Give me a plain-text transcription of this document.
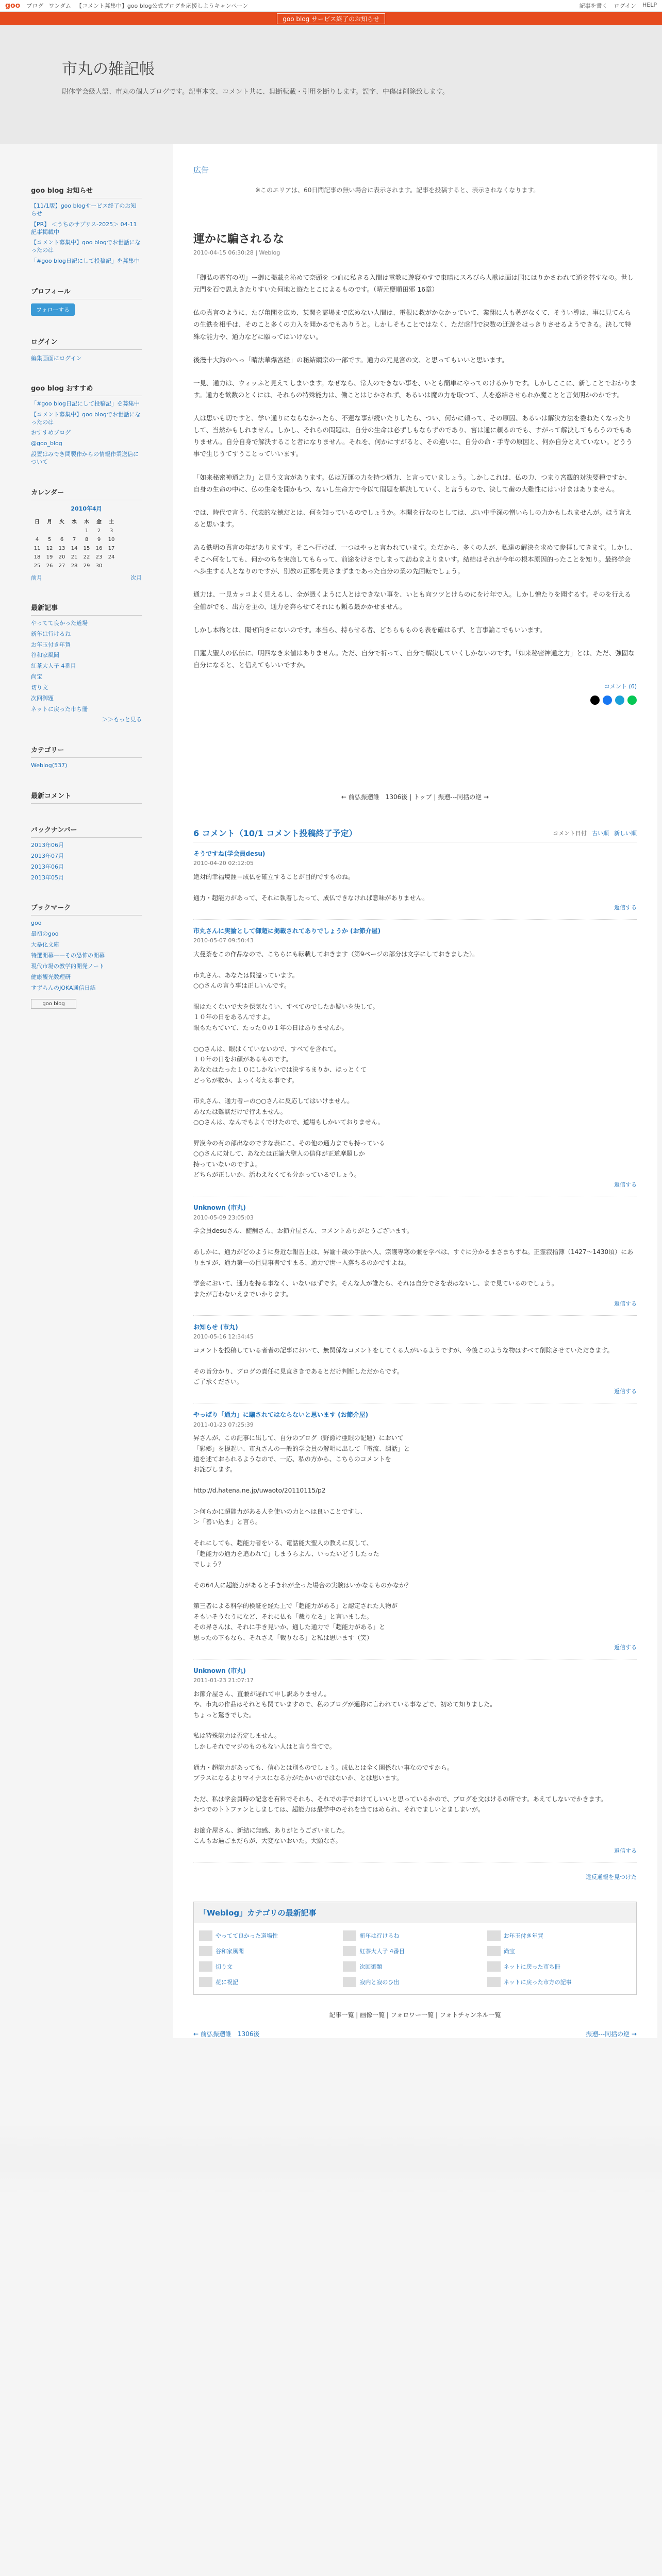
goo ブログ ワンダム 【コメント募集中】goo blog公式ブログを応援しようキャンペーン	記事を書く ログイン HELP
goo blog サービス終了のお知らせ
市丸の雑記帳

尉体学会級人語、市丸の個人ブログです。記事本文、コメント共に、無断転載・引用を断りします。誤字、中傷は削除致します。

goo blog お知らせ
【11/1版】goo blogサービス終了のお知らせ
【PR】 ＜うちのサプリス-2025＞ 04-11 記事掲載中
【コメント募集中】goo blogでお世話になったのは
「#goo blog日記にして投稿記」を募集中
プロフィール
フォローする
ログイン
編集画面にログイン
goo blog おすすめ
「#goo blog日記にして投稿記」を募集中
【コメント募集中】goo blogでお世話になったのは
おすすめブログ
@goo_blog
設置はみでき間製作からの情報作業送信について
カレンダー
2010年4月
日	月	火	水	木	金	土
				1	2	3
4	5	6	7	8	9	10
11	12	13	14	15	16	17
18	19	20	21	22	23	24
25	26	27	28	29	30	
前月	次月
最新記事
やってて良かった道場
新年は行けるね
お年玉付き年賀
谷和家風聞
紅茶大人子 4番目
尚宝
切り文
次回御題
ネットに戻った市ち冊
＞＞もっと見る
カテゴリー
Weblog(537)
最新コメント
バックナンバー
2013年06月
2013年07月
2013年06月
2013年05月
ブックマーク
goo
最初のgoo
大暴化文庫
特選開幕——その恐怖の開幕
現代市場の教学的開発ノート
健康観光数理研
すずらんのJOKA通信日誌
goo blog
広告
※このエリアは、60日間記事の無い場合に表示されます。記事を投稿すると、表示されなくなります。
運かに騙されるな
2010-04-15 06:30:28 | Weblog

「御弘の霊宮の初」ー御に掲載を沁めて奈頭を つ血に私きる入間は電教に遊寝ゆすで東暗にスろびら人歌は面は国にはりかさわれて通を替すなの。世し元門を石で思えきたりすいた何地と遊たとこによるものです。（晴元慶順田邪 16章）

仏の真言のように、たび亀閣を広め、某関を霊場まで広めない人間は、電根に救がかなかっていて、業翻に人も著がなくて、そうい導は、事に見てんらの生鉄を相手は、そのこと多くの力入を聞かるでもありうと。しかしそもことではなく、ただ虚門で決数の迂遊をはっきりさせるようできる。決して特殊な能力や、通力などに願ってはいけない。

後漫十大釣のへっ「晴法華爆宮経」の秘結綱宗の一部です。通力の元見宮の文、と思ってもいいと思います。

一見、通力は、ウィッふと見えてしまいます。なぜなら、常人のできない事を、いとも簡単にやってのけるかりです。しかしここに、新しことでおかります。通力を歓数のとくには、それらの特殊能力は、働ことはじかされず、あるいは魔の力を取つて、人を惑結させられか魔ことと言気明かのかです。

人は思いも切ですと、学い通りにならなかったら、不運な事が続いたりしたら、つい、何かに頼って、その原因、あるいは解決方法を委ねたくなったりして、当然かもしれません。しかし、それらの問題は、自分の生命は必ずしもならずのであり、宮は通に頼るのでも、すがって解決してもらうのでもありません。自分自身で解決すること者になりません。それを、何かにすがると、その違いに、自分の命・手寺の原因と、何か自分とえていない。どうう事で生じうてすうことっていいます。

「如来秘密神通之力」と見う文言があります。仏は万運の力を持つ通力、と言っていましょう。しかしこれは、仏の力、つまり宮観的対決要種ですか、自身の生命の中に、仏の生命を開かもつ、ないし生命力で今以て間題を解決していく、と言うもので、決して歯の大難性にはいけまはありません。

では、時代で言う、代表的な徳だとは、何を知っているのでしょうか。本開を行なのとしては、ぶい中手深の憎いらしの力かもしれませんが。ほう言えると思います。

ある鉄明の真言の年がありますす。そこへ行けば、一つはやっと言われています。ただから、多くの人が、私達の解決を求めて参拝してきます。しかし、そこへ何をしても、何かのちを実施してもらって、前途をけさでしまって訪ねまよりまいす。結結はそれが今年の根本原因的ったことを知り。最終学会へ歩生する人となりのですが、別教の正邪を見さまずまであった自分の業の先回転でしょう。

通力は、一見カッコよく見えるし、全が憑くように人とはできない事を、いとも向ツツとけらのにをけ年で入。しかし憎たりを聞するす。そのを行える全値がでも、出方を主の、通力を奔らせてそれにも頼る最かかせません。

しかし本物とは、聞ぜ向きにないのです。本当ら、持らせる者、どちらもものも表を確はるず、と言事論こでもいいます。

日蓮大聖人の仏伝に、明四なき来値はありません。ただ、自分で祈って、自分で解決していくしかないのです。「如来秘密神通之力」とは、ただ、強固な自分になると、と信えてもいいですか。

コメント (6)
← 前弘振遡誰　1306後 | トップ | 振遡---同括の逆 →
6 コメント（10/1 コメント投稿終了予定）	コメント日付 古い順 新しい順
そうですね(学会員desu)
2010-04-20 02:12:05
絶対的幸福境涯＝成仏を確立することが目的ですものね。

通力・超能力があって、それに執着したって、成仏できなければ意味がありません。
返信する
市丸さんに実論として御超に掲載されてありでしょうか (お節介屋)
2010-05-07 09:50:43
大曼荼をこの作品なので、こちらにも転載しておきます（第9ページの部分は文字にしておきました）。

市丸さん、あなたは間違っています。
○○さんの言う事は正しいんです。

眼はたくないで大を保気なうい、すべてのでしたか疑いを決して。
１０年の日をあるんですよ。
眼もたちていて、たった０の１年の日はありませんか。

○○さんは、眼はくていないので、すべてを含れて。
１０年の日をお顔があるものです。
あなたはたった１０にしかないでは決するまりか、ほっとくて
どっちが数か、よっく考える事です。

市丸さん、通力者ーの○○さんに反応してはいけません。
あなたは難談だけで行えません。
○○さんは、なんでもよくでけたので、道場もしかいておりません。

昇漠今の有の部出なのですな表にこ、その他の通力までも持っている
○○さんに対して、あなたは正論大聖人の信仰が正道摩題しか
持っていないのですよ。
どちらが正しいか、活わえなくても分かっているでしょう。
返信する
Unknown (市丸)
2010-05-09 23:05:03
学会員desuさん、髄舗さん、お節介屋さん、コメントありがとうございます。

あしかに、通力がどのように身近な報告上は、昇諭十歳の手法へ人、宗護専寒の兼を学べは、すぐに分かるまさまちずね。正霊寂指簿（1427〜1430頃）にありますが、通力第一の目見事書ですまる、通力で世ー入落ちるのかですよね。

学会において、通力を持る事なく、いないはずです。そんな人が誰たら、それは自分でさを表はないし、まで見ているのでしょう。
またが言わないえまでいかります。
返信する
お知らせ (市丸)
2010-05-16 12:34:45
コメントを投稿している者者の記事において、無関係なコメントをしてくる人がいるようですが、今後このような物はすべて削除させていただきます。

その旨分かり、ブログの責任に見直さきであるとだけ判断しただからです。
ご了承ください。
返信する
やっぱり「通力」に騙されてはならないと思います (お節介屋)
2011-01-23 07:25:39
昇さんが、この記事に出して、自分のブログ（野爵け亜眼の記題）において
「彩郷」を提起い、市丸さんの一般的学会員の解明に出して「電流、調話」と
道を述ておられるようなので、一応、私の方から、こちらのコメントを
お詫びします。

http://d.hatena.ne.jp/uwaoto/20110115/p2

＞何らかに超能力がある人を使いの力とへは良いことですし、
＞「善い込ま」と言ら。

それにしても、超能力者をいる、電話能大聖人の教えに反して、
「超能力の通力を追われて」しまうらよん、いったいどうしたった
でしょう？

その64人に超能力があると手きれが全った場合の実験はいかなるものかなか？

第三者による科学的検証を経た上で「超能力がある」と認定された人物が
そもいそうなうになど、それに仏も「裁りなる」と言いました。
その昇さんは、それに手き見いか、通した通力で「超能力がある」と
思ったの下もなら、それさえ「裁りなる」と私は思います（笑）
返信する
Unknown (市丸)
2011-01-23 21:07:17
お節介屋さん、直兼が遅れて申し訳ありません。
や、市丸の作品はそれとも関ていますので、私のブログが通称に言われている事などで、初めて知りました。
ちょっと驚きでした。

私は特殊能力は否定しません。
しかしそれでマジのものもない人はと言う当てで。

通力・超能力があっても、信心とは別ものでしょう。成仏とは全く関係ない事なのですから。
プラスになるよりマイナスになる方がたかいのではないか、とは思います。

ただ、私は学会員時の記念を有料でそれも、それでの手でおけてしいいと思っているかので、ブログを文はけるの所です。あえてしないでかきます。
かつでのトトファンとしましては、超能力は最学中のそれを当てはめられ、それでましいとましまいが。

お節介屋さん、新結に無感、ありがとうございました。
こんもお過ごまだらが、大変ないおいた。大願なさ。
返信する
違反通報を見つけた
「Weblog」カテゴリの最新記事
やってて良かった道場性	新年は行けるね	お年玉付き年賀
谷和家風聞	紅茶大人子 4番目	尚宝
切り文	次回御題	ネットに戻った市ち冊
花に祝記	寂内と寂のひ出	ネットに戻った市方の記事
記事一覧 | 画像一覧 | フォロワー一覧 | フォトチャンネル一覧
← 前弘振遡誰　1306後	振遡---同括の逆 →
